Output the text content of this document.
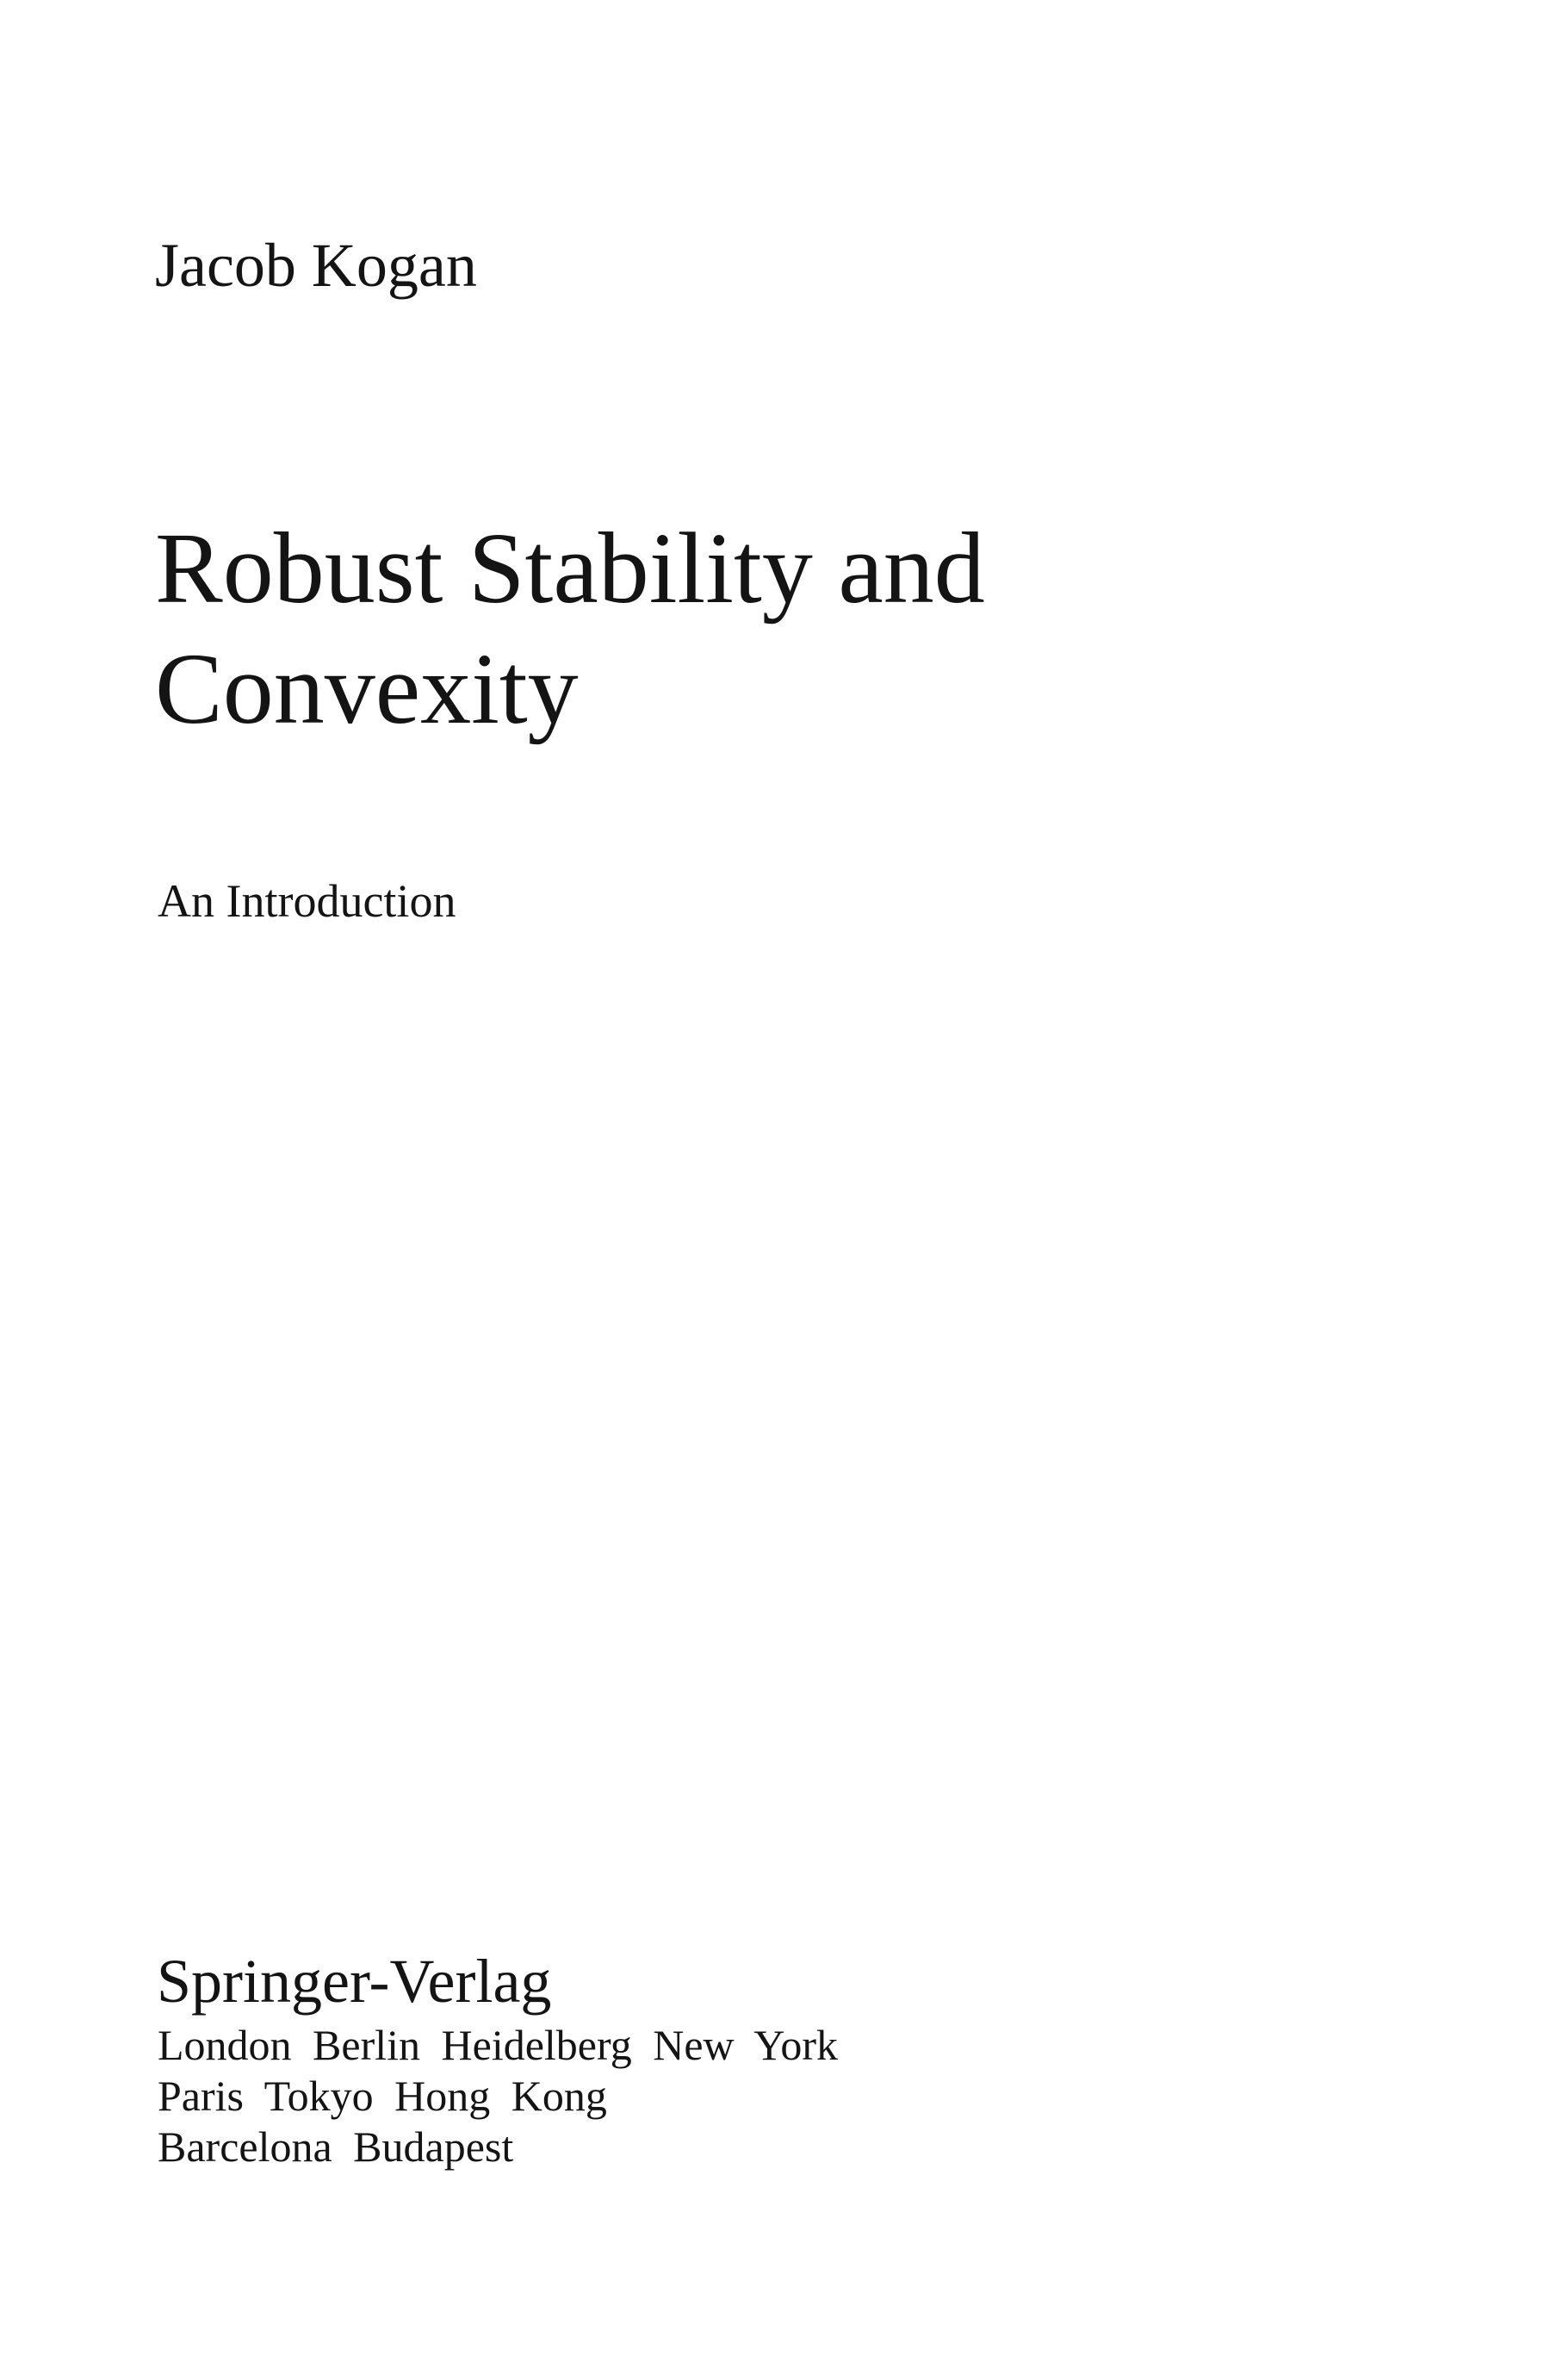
Jacob Kogan
Robust Stability and
Convexity
An Introduction
Springer-Verlag
London Berlin Heidelberg New York
Paris Tokyo Hong Kong
Barcelona Budapest
